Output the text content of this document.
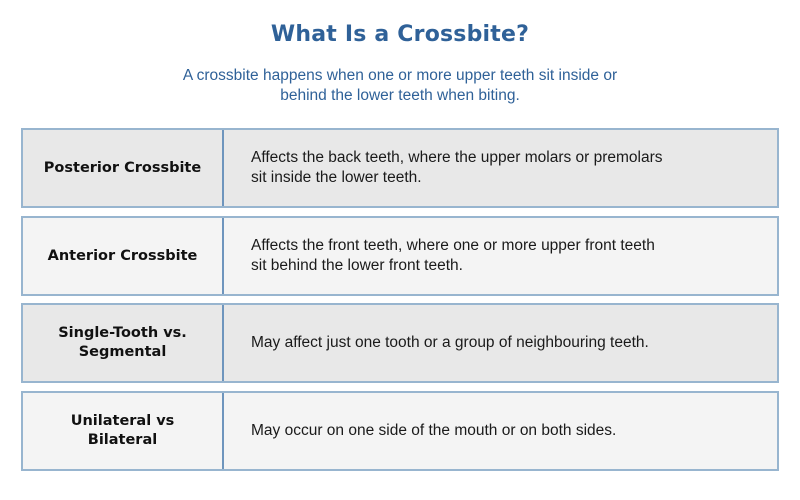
What Is a Crossbite?
A crossbite happens when one or more upper teeth sit inside or
behind the lower teeth when biting.
Posterior Crossbite
Affects the back teeth, where the upper molars or premolars
sit inside the lower teeth.
Anterior Crossbite
Affects the front teeth, where one or more upper front teeth
sit behind the lower front teeth.
Single-Tooth vs.
Segmental
May affect just one tooth or a group of neighbouring teeth.
Unilateral vs
Bilateral
May occur on one side of the mouth or on both sides.
